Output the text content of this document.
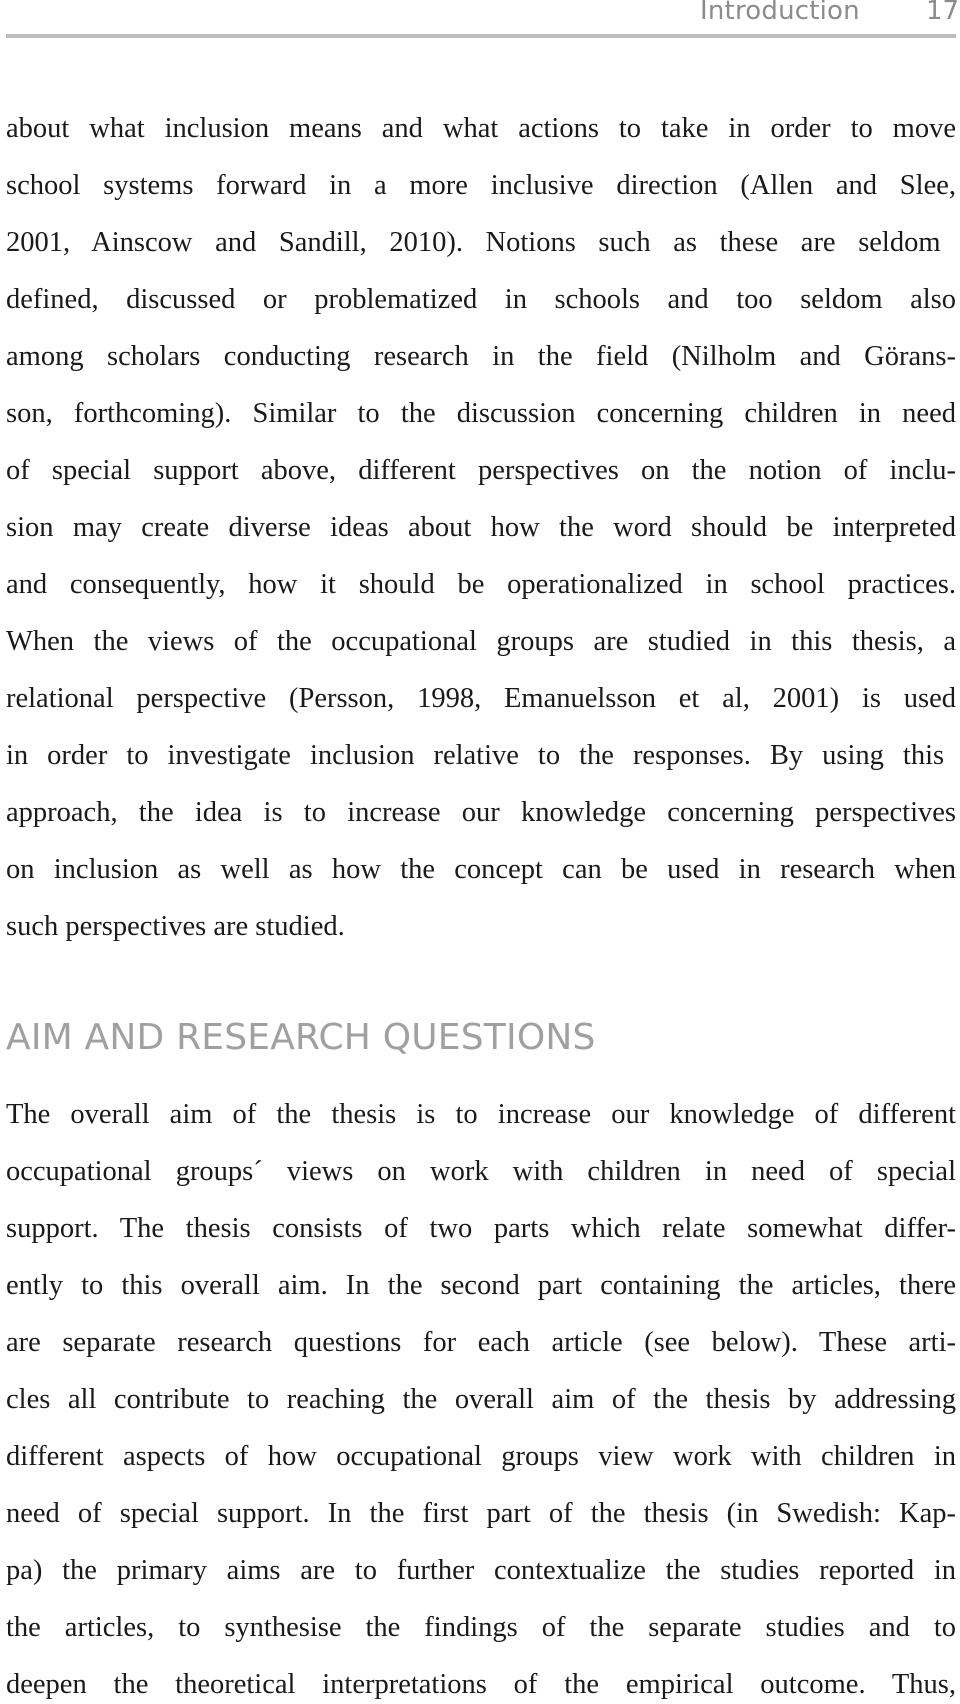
Introduction	17
about what inclusion means and what actions to take in order to move
school systems forward in a more inclusive direction (Allen and Slee,
2001, Ainscow and Sandill, 2010). Notions such as these are seldom
defined, discussed or problematized in schools and too seldom also
among scholars conducting research in the field (Nilholm and Görans-
son, forthcoming). Similar to the discussion concerning children in need
of special support above, different perspectives on the notion of inclu-
sion may create diverse ideas about how the word should be interpreted
and consequently, how it should be operationalized in school practices.
When the views of the occupational groups are studied in this thesis, a
relational perspective (Persson, 1998, Emanuelsson et al, 2001) is used
in order to investigate inclusion relative to the responses. By using this
approach, the idea is to increase our knowledge concerning perspectives
on inclusion as well as how the concept can be used in research when
such perspectives are studied.
AIM AND RESEARCH QUESTIONS
The overall aim of the thesis is to increase our knowledge of different
occupational groups´ views on work with children in need of special
support. The thesis consists of two parts which relate somewhat differ-
ently to this overall aim. In the second part containing the articles, there
are separate research questions for each article (see below). These arti-
cles all contribute to reaching the overall aim of the thesis by addressing
different aspects of how occupational groups view work with children in
need of special support. In the first part of the thesis (in Swedish: Kap-
pa) the primary aims are to further contextualize the studies reported in
the articles, to synthesise the findings of the separate studies and to
deepen the theoretical interpretations of the empirical outcome. Thus,
